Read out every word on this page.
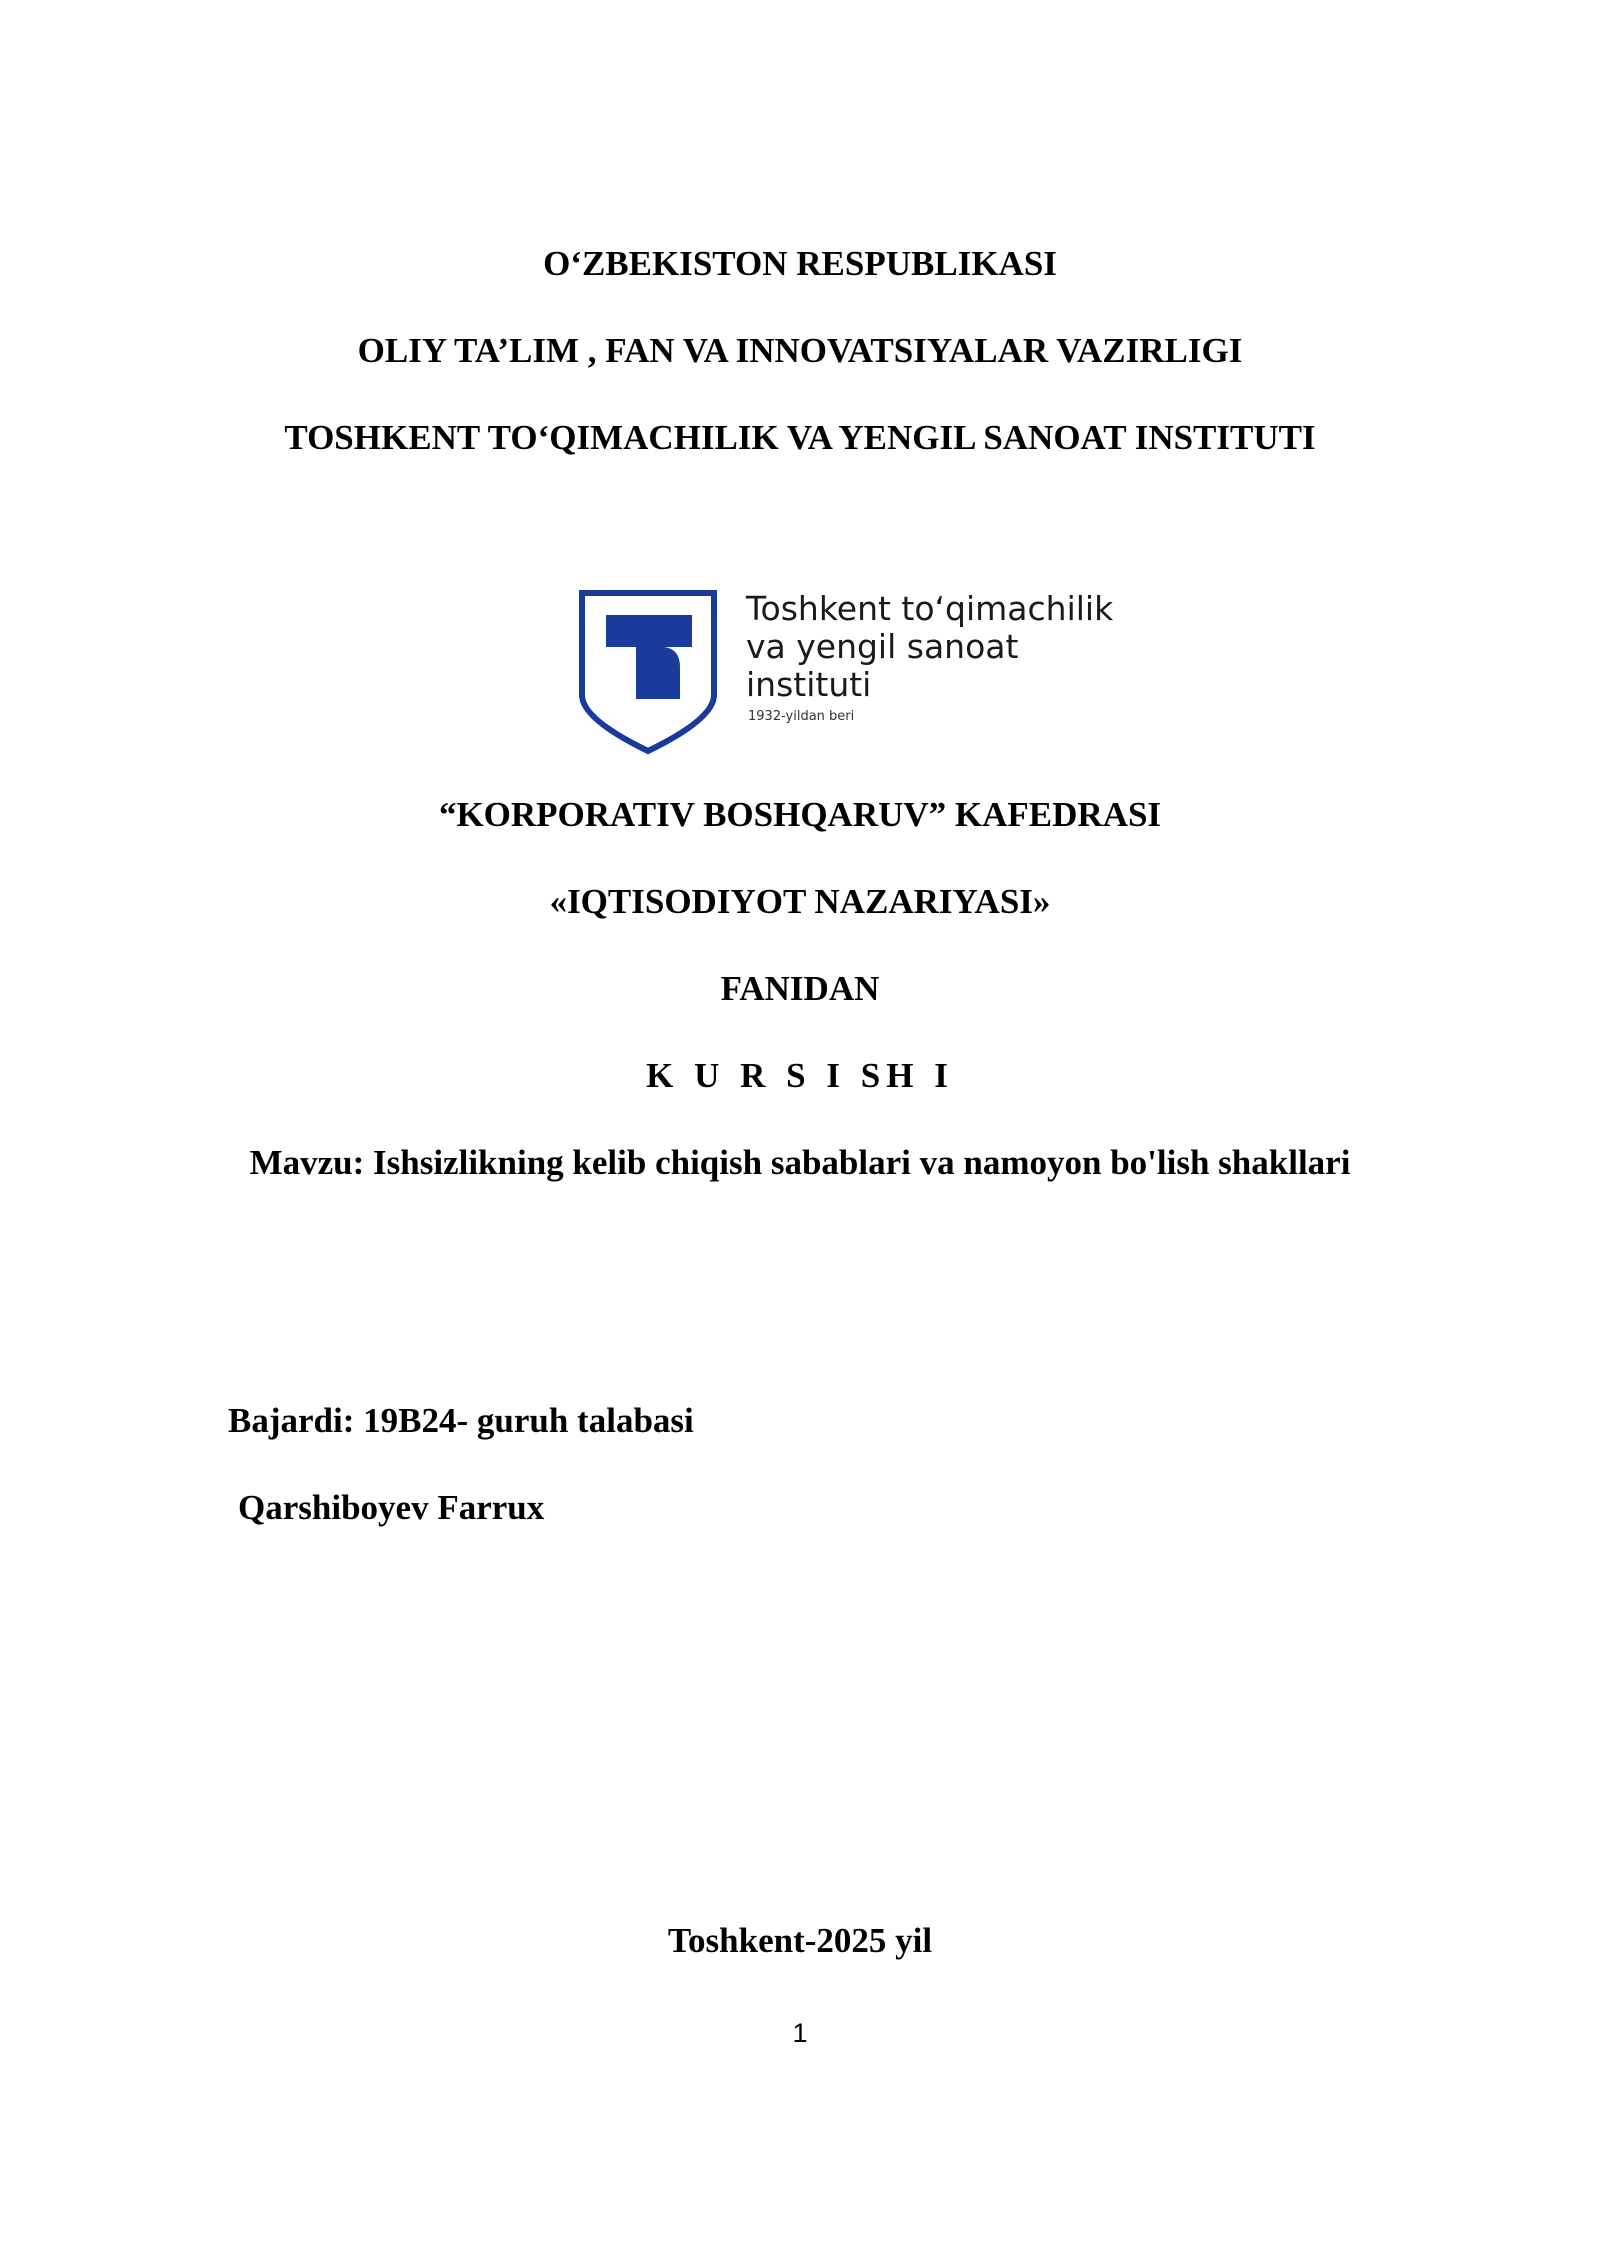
O‘ZBEKISTON RESPUBLIKASI
OLIY TA’LIM , FAN VA INNOVATSIYALAR VAZIRLIGI
TOSHKENT TO‘QIMACHILIK VA YENGIL SANOAT INSTITUTI
Toshkent to‘qimachilik
va yengil sanoat
instituti
1932-yildan beri
“KORPORATIV BOSHQARUV” KAFEDRASI
«IQTISODIYOT NAZARIYASI»
FANIDAN
K U R S I SH I
Mavzu: Ishsizlikning kelib chiqish sabablari va namoyon bo'lish shakllari
Bajardi: 19B24- guruh talabasi
Qarshiboyev Farrux
Toshkent-2025 yil
1
